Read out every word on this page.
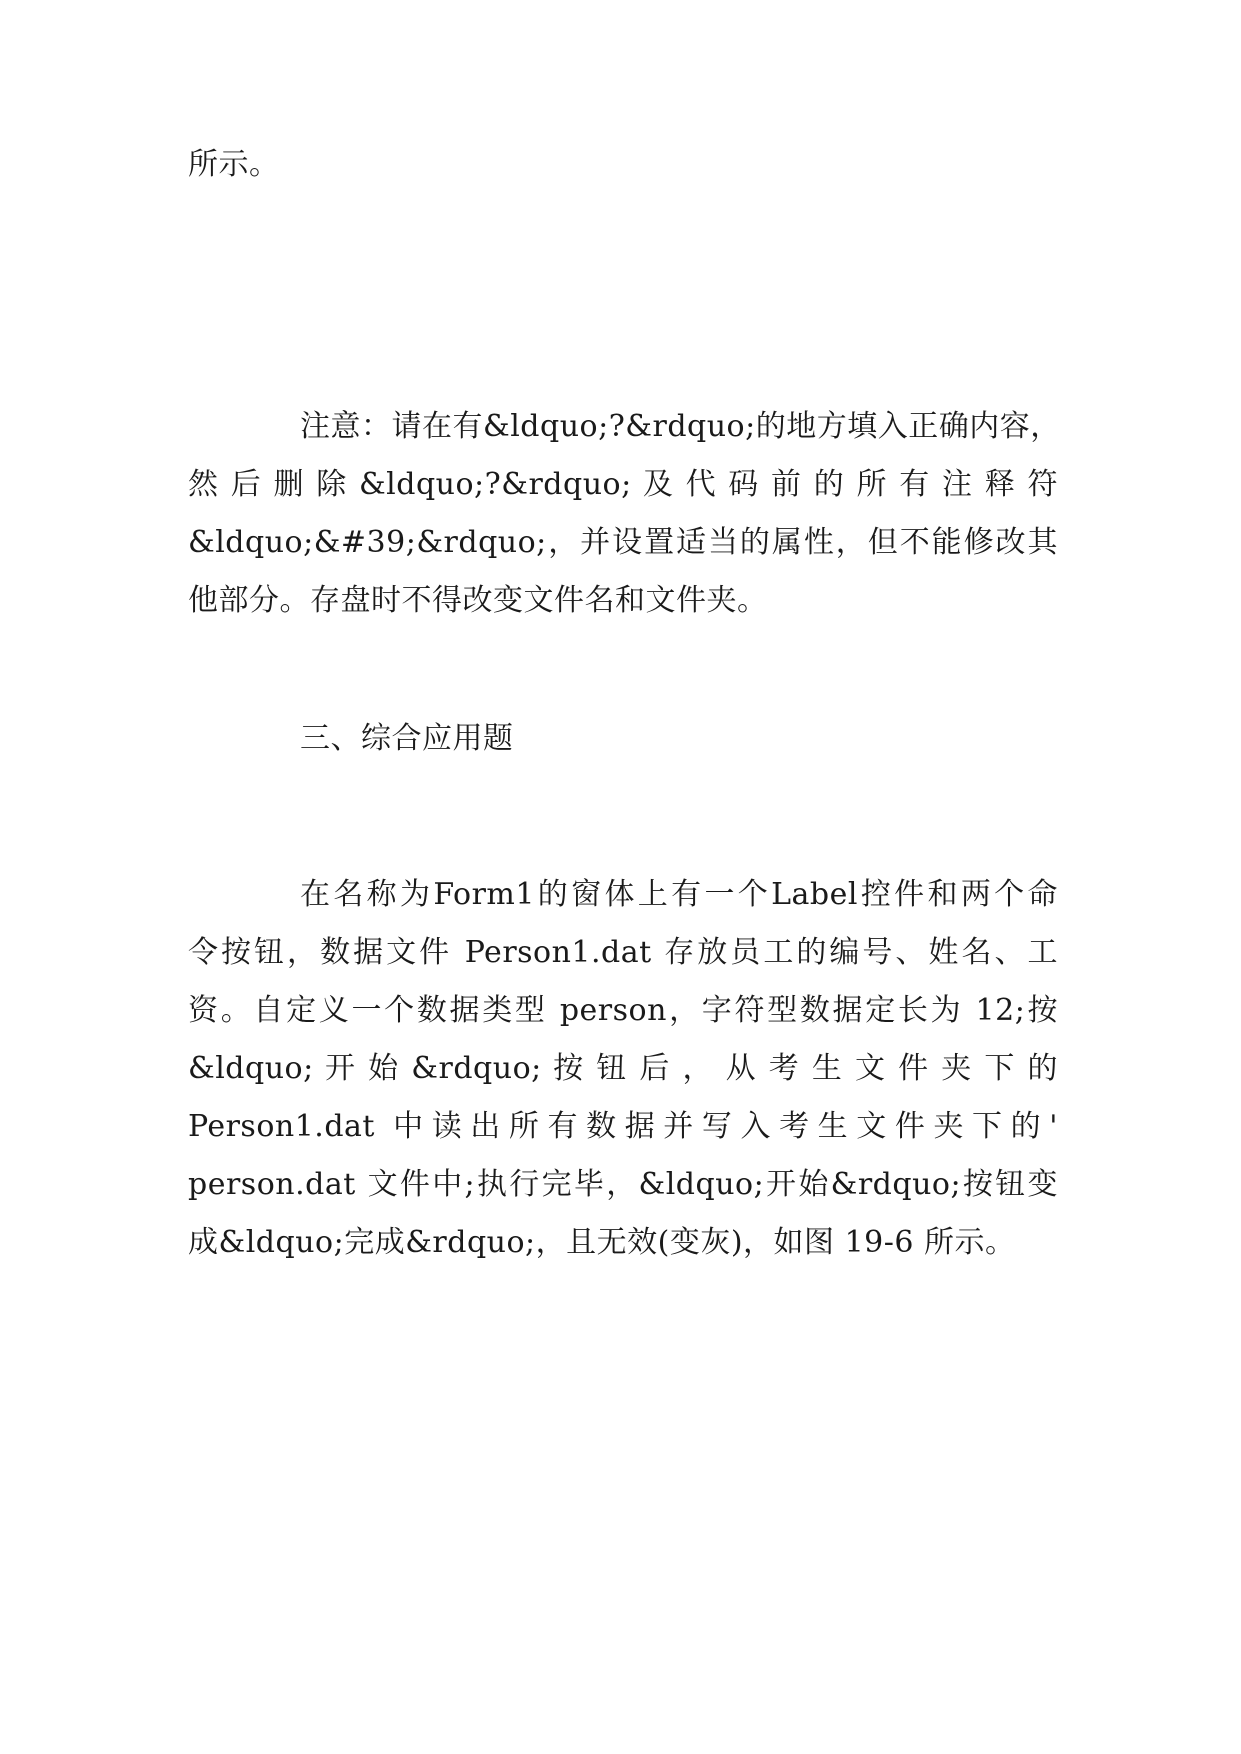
所示。

注意：请在有&ldquo;?&rdquo;的地方填入正确内容，
然 后 删 除 &ldquo;?&rdquo; 及 代 码 前 的 所 有 注 释 符
&ldquo;&#39;&rdquo;，并设置适当的属性，但不能修改其
他部分。存盘时不得改变文件名和文件夹。

三、综合应用题

在名称为Form1的窗体上有一个Label控件和两个命
令按钮，数据文件 Person1.dat 存放员工的编号、姓名、工
资。自定义一个数据类型 person，字符型数据定长为 12;按
&ldquo; 开 始 &rdquo; 按 钮 后 ， 从 考 生 文 件 夹 下 的
Person1.dat 中读出所有数据并写入考生文件夹下的'
person.dat 文件中;执行完毕，&ldquo;开始&rdquo;按钮变
成&ldquo;完成&rdquo;，且无效(变灰)，如图 19-6 所示。
